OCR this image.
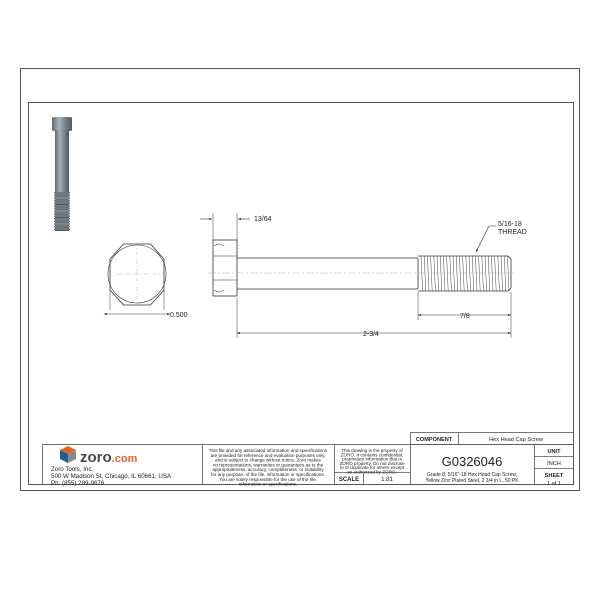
0.500
13/64
5/16-18
THREAD
7/8
2-3/4
zoro.com
Zoro Tools, Inc.
500 W Madison St, Chicago, IL 60661, USA
Ph: (855) 289-9676
This file and any associated information and specifications
are provided for reference and evaluation purposes only,
and is subject to change without notice. Zoro makes
no representations, warranties or guarantees as to the
appropriateness, accuracy, completeness, or suitability
for any purpose, of the file, information or specifications.
You are solely responsible for the use of the file,
information or specifications.
This drawing is the property of
ZORO. It contains confidential,
proprietary information that is
ZORO property. Do not disclose
to or duplicate for others except
as authorized by ZORO.
SCALE	1.81
COMPONENT	Hex Head Cap Screw
G0326046
Grade 8, 5/16"-18 Hex Head Cap Screw,
Yellow Zinc Plated Steel, 2 3/4 in L, 50 PK
UNIT
INCH
SHEET
1 of 1
